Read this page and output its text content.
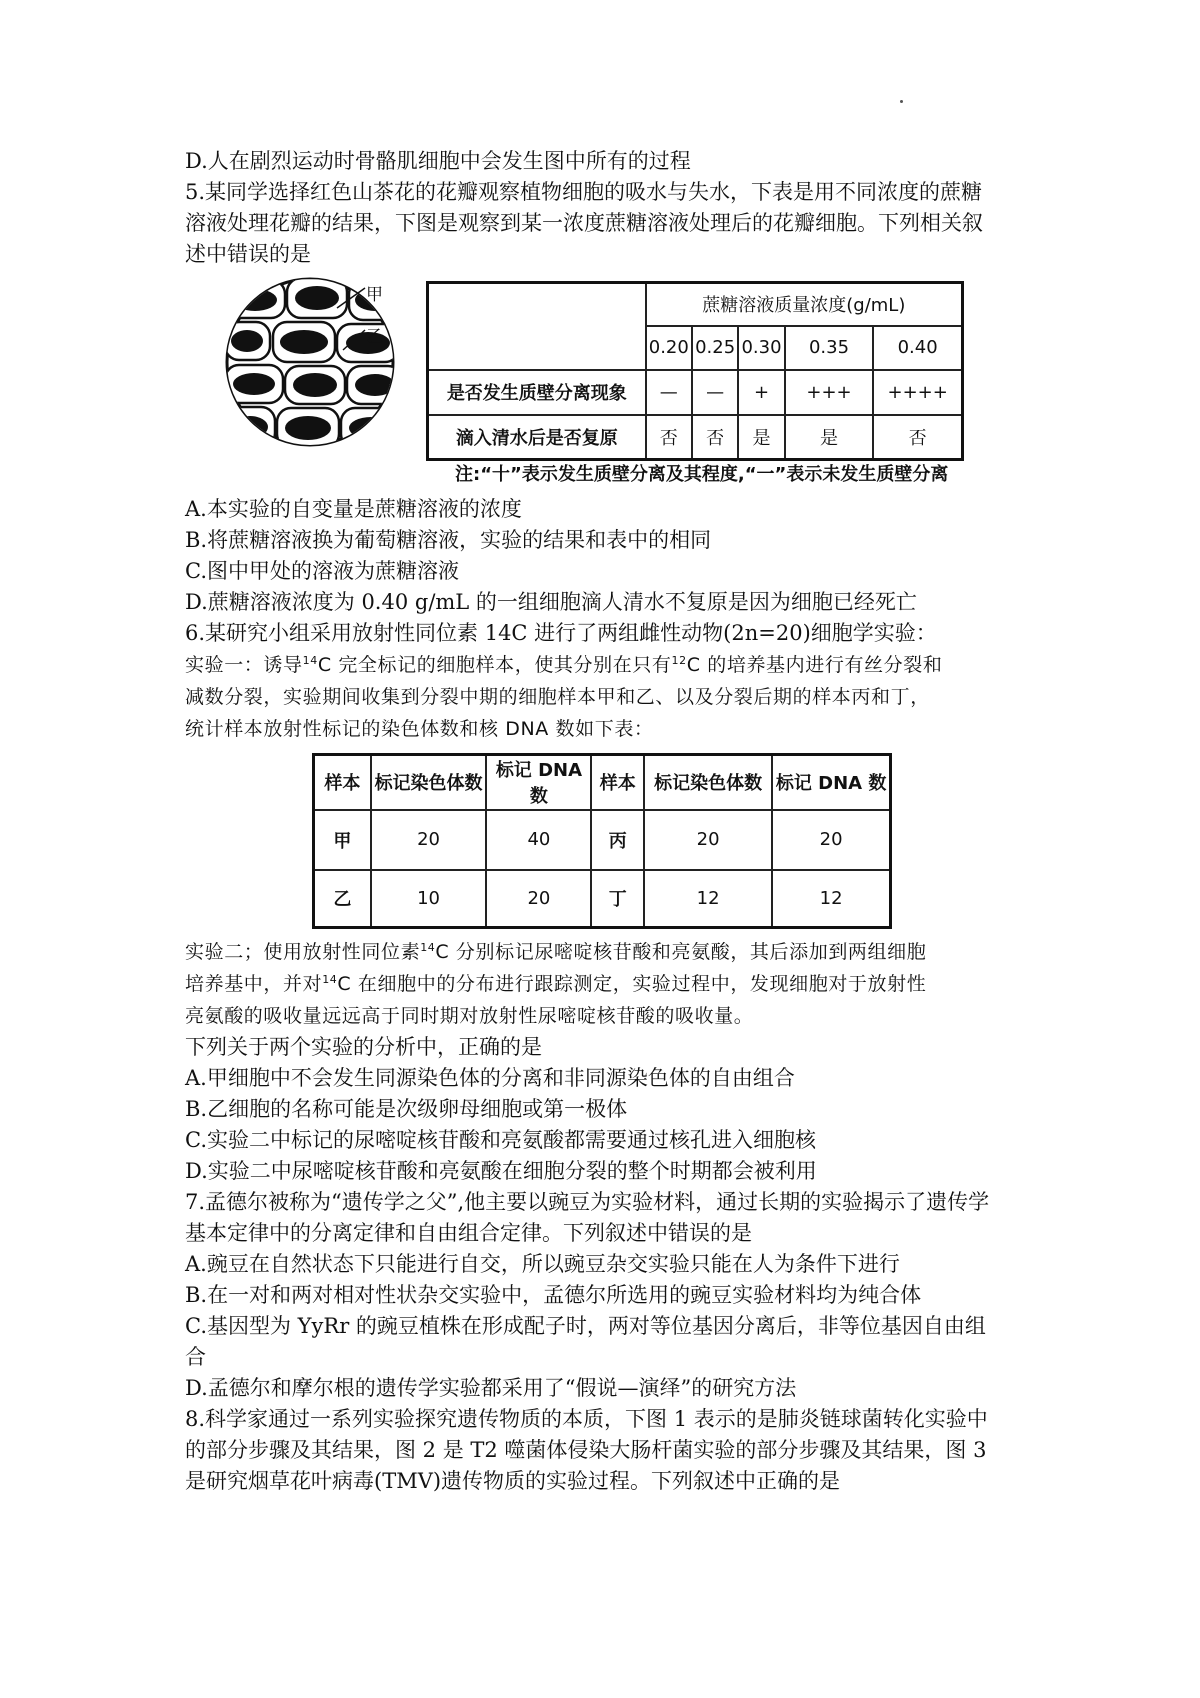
D.人在剧烈运动时骨骼肌细胞中会发生图中所有的过程
5.某同学选择红色山茶花的花瓣观察植物细胞的吸水与失水，下表是用不同浓度的蔗糖
溶液处理花瓣的结果，下图是观察到某一浓度蔗糖溶液处理后的花瓣细胞。下列相关叙
述中错误的是
甲
乙
	蔗糖溶液质量浓度(g/mL)				
	0.20	0.25	0.30	0.35	0.40
是否发生质壁分离现象	—	—	+	+++	++++
滴入清水后是否复原	否	否	是	是	否
注:“十”表示发生质壁分离及其程度,“一”表示未发生质壁分离
A.本实验的自变量是蔗糖溶液的浓度
B.将蔗糖溶液换为葡萄糖溶液，实验的结果和表中的相同
C.图中甲处的溶液为蔗糖溶液
D.蔗糖溶液浓度为 0.40 g/mL 的一组细胞滴人清水不复原是因为细胞已经死亡
6.某研究小组采用放射性同位素 14C 进行了两组雌性动物(2n=20)细胞学实验：
实验一：诱导$^{14}$C 完全标记的细胞样本，使其分别在只有$^{12}$C 的培养基内进行有丝分裂和
减数分裂，实验期间收集到分裂中期的细胞样本甲和乙、以及分裂后期的样本丙和丁，
统计样本放射性标记的染色体数和核 DNA 数如下表：
样本	标记染色体数	标记 DNA 数	样本	标记染色体数	标记 DNA 数
甲	20	40	丙	20	20
乙	10	20	丁	12	12
实验二；使用放射性同位素$^{14}$C 分别标记尿嘧啶核苷酸和亮氨酸，其后添加到两组细胞
培养基中，并对$^{14}$C 在细胞中的分布进行跟踪测定，实验过程中，发现细胞对于放射性
亮氨酸的吸收量远远高于同时期对放射性尿嘧啶核苷酸的吸收量。
下列关于两个实验的分析中，正确的是
A.甲细胞中不会发生同源染色体的分离和非同源染色体的自由组合
B.乙细胞的名称可能是次级卵母细胞或第一极体
C.实验二中标记的尿嘧啶核苷酸和亮氨酸都需要通过核孔进入细胞核
D.实验二中尿嘧啶核苷酸和亮氨酸在细胞分裂的整个时期都会被利用
7.孟德尔被称为“遗传学之父”,他主要以豌豆为实验材料，通过长期的实验揭示了遗传学
基本定律中的分离定律和自由组合定律。下列叙述中错误的是
A.豌豆在自然状态下只能进行自交，所以豌豆杂交实验只能在人为条件下进行
B.在一对和两对相对性状杂交实验中，孟德尔所选用的豌豆实验材料均为纯合体
C.基因型为 YyRr 的豌豆植株在形成配子时，两对等位基因分离后，非等位基因自由组
合
D.孟德尔和摩尔根的遗传学实验都采用了“假说—演绎”的研究方法
8.科学家通过一系列实验探究遗传物质的本质，下图 1 表示的是肺炎链球菌转化实验中
的部分步骤及其结果，图 2 是 T2 噬菌体侵染大肠杆菌实验的部分步骤及其结果，图 3
是研究烟草花叶病毒(TMV)遗传物质的实验过程。下列叙述中正确的是
